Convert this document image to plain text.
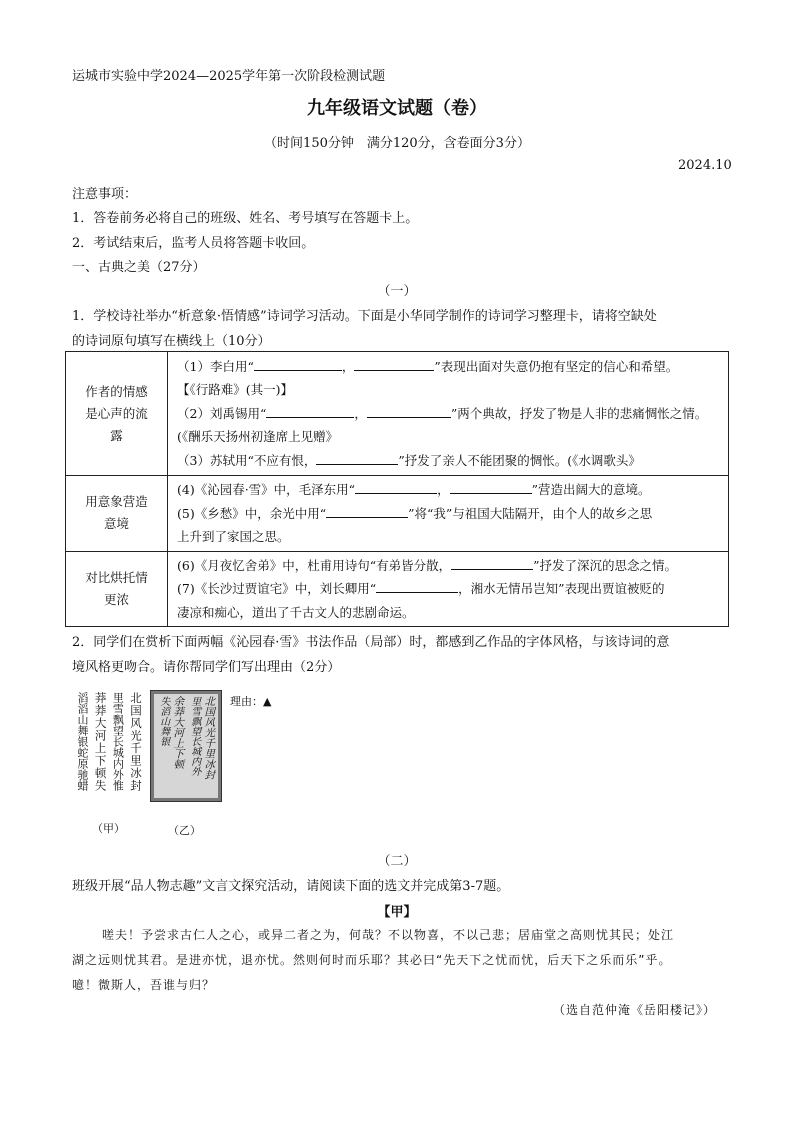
运城市实验中学2024—2025学年第一次阶段检测试题
九年级语文试题（卷）
（时间150分钟　满分120分，含卷面分3分）
2024.10
注意事项：
1．答卷前务必将自己的班级、姓名、考号填写在答题卡上。
2．考试结束后，监考人员将答题卡收回。
一、古典之美（27分）
（一）
1．学校诗社举办“析意象·悟情感”诗词学习活动。下面是小华同学制作的诗词学习整理卡，请将空缺处
的诗词原句填写在横线上（10分）
作者的情感
是心声的流
露	（1）李白用“ ， ”表现出面对失意仍抱有坚定的信心和希望。
【《行路难》(其一)】
（2）刘禹锡用“ ， ”两个典故，抒发了物是人非的悲痛惆怅之情。
(《酬乐天扬州初逢席上见赠》
（3）苏轼用“不应有恨， ”抒发了亲人不能团聚的惆怅。(《水调歌头》

用意象营造
意境	(4)《沁园春·雪》中，毛泽东用“ ， ”营造出阔大的意境。
(5)《乡愁》中，余光中用“ ”将“我”与祖国大陆隔开，由个人的故乡之思
上升到了家国之思。

对比烘托情
更浓	(6)《月夜忆舍弟》中，杜甫用诗句“有弟皆分散， ”抒发了深沉的思念之情。
(7)《长沙过贾谊宅》中，刘长卿用“ ，湘水无情吊岂知”表现出贾谊被贬的
凄凉和痴心，道出了千古文人的悲剧命运。
2．同学们在赏析下面两幅《沁园春·雪》书法作品（局部）时，都感到乙作品的字体风格，与该诗词的意
境风格更吻合。请你帮同学们写出理由（2分）
北国风光千里冰封
里雪飘望长城内外惟
莽莽大河上下顿失
滔滔山舞银蛇原驰蜡
（甲）
北国风光千里冰封
里雪飘望长城内外
余莽大河上下顿
失滔山舞银
（乙）
理由：▲
（二）
班级开展“品人物志趣”文言文探究活动，请阅读下面的选文并完成第3-7题。
【甲】
嗟夫！予尝求古仁人之心，或异二者之为，何哉？不以物喜，不以己悲；居庙堂之高则忧其民；处江
湖之远则忧其君。是进亦忧，退亦忧。然则何时而乐耶？其必曰“先天下之忧而忧，后天下之乐而乐”乎。
噫！微斯人，吾谁与归？
（选自范仲淹《岳阳楼记》）
